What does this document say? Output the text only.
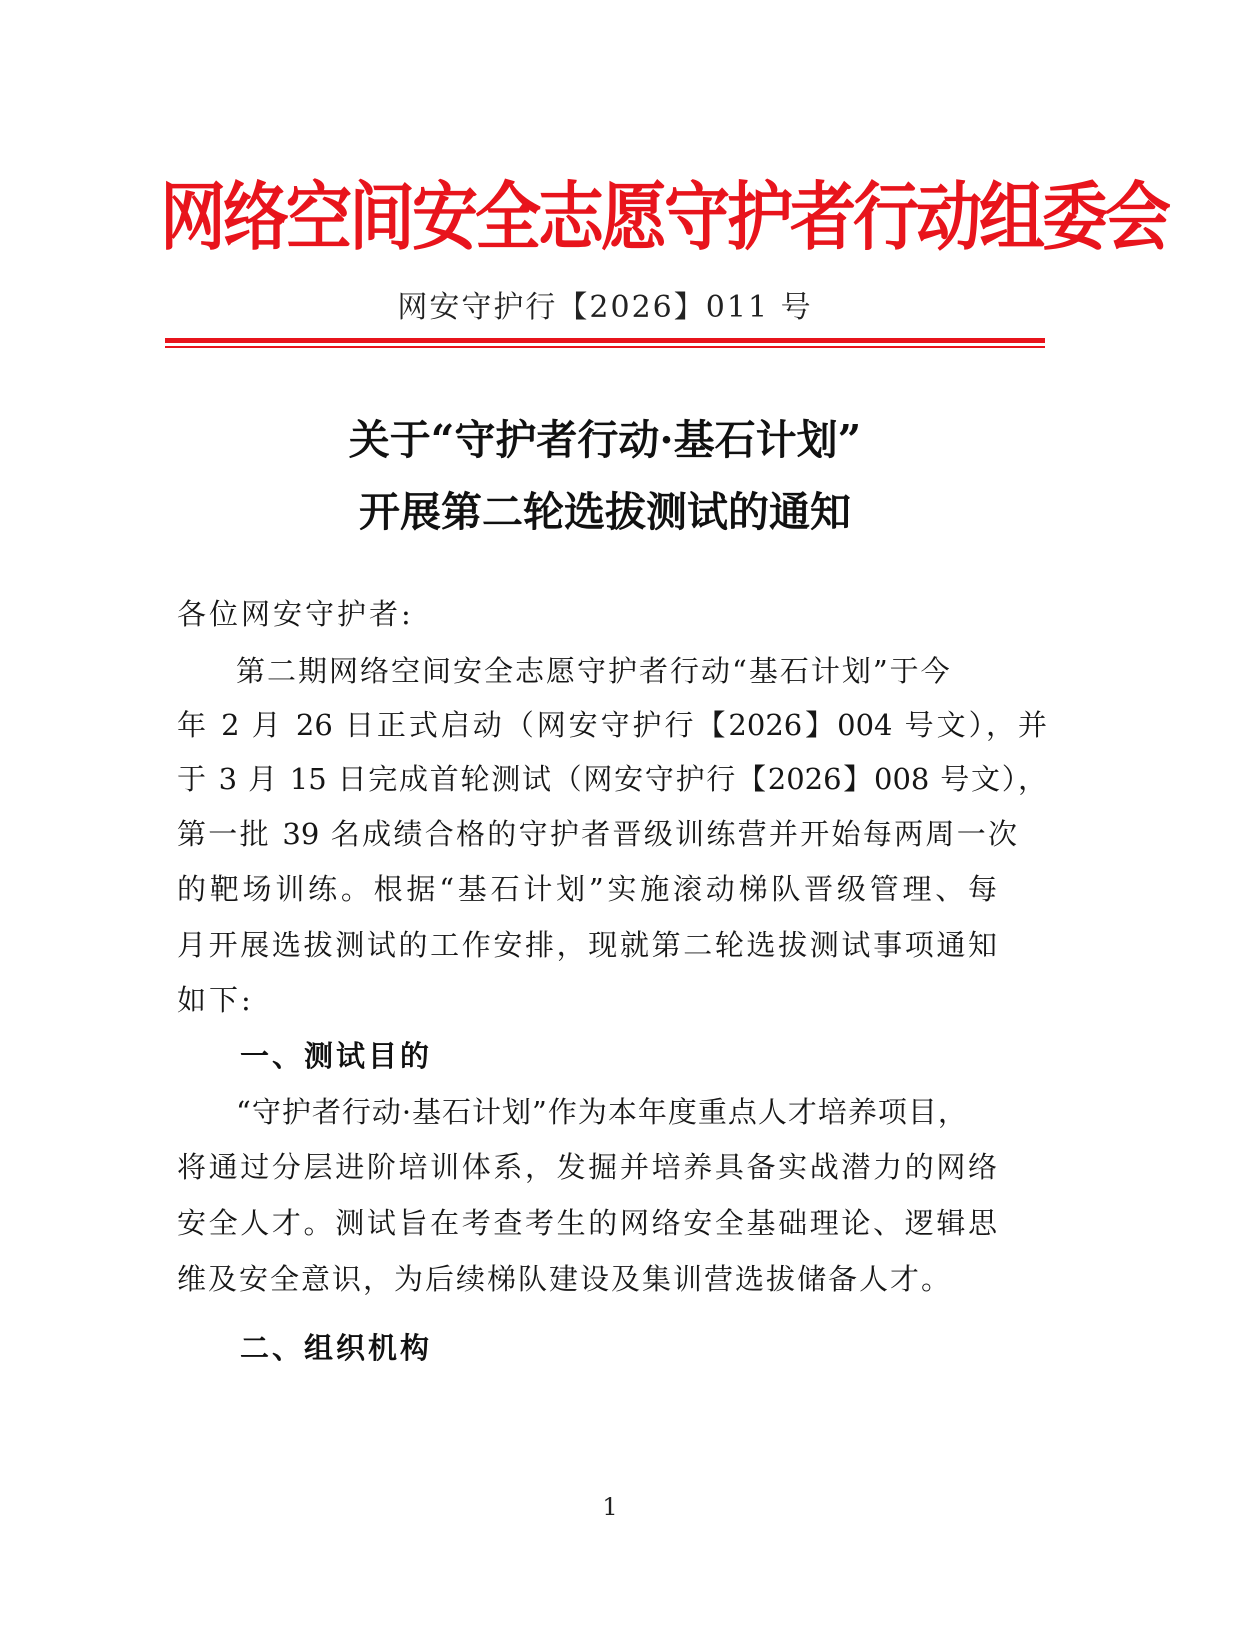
网络空间安全志愿守护者行动组委会
网安守护行【2026】011 号
关于“守护者行动·基石计划”
开展第二轮选拔测试的通知
各位网安守护者:
第二期网络空间安全志愿守护者行动“基石计划”于今
年 2 月 26 日正式启动（网安守护行【2026】004 号文），并
于 3 月 15 日完成首轮测试（网安守护行【2026】008 号文），
第一批 39 名成绩合格的守护者晋级训练营并开始每两周一次
的靶场训练。根据“基石计划”实施滚动梯队晋级管理、每
月开展选拔测试的工作安排，现就第二轮选拔测试事项通知
如下:
一、测试目的
“守护者行动·基石计划”作为本年度重点人才培养项目，
将通过分层进阶培训体系，发掘并培养具备实战潜力的网络
安全人才。测试旨在考查考生的网络安全基础理论、逻辑思
维及安全意识，为后续梯队建设及集训营选拔储备人才。
二、组织机构
1
